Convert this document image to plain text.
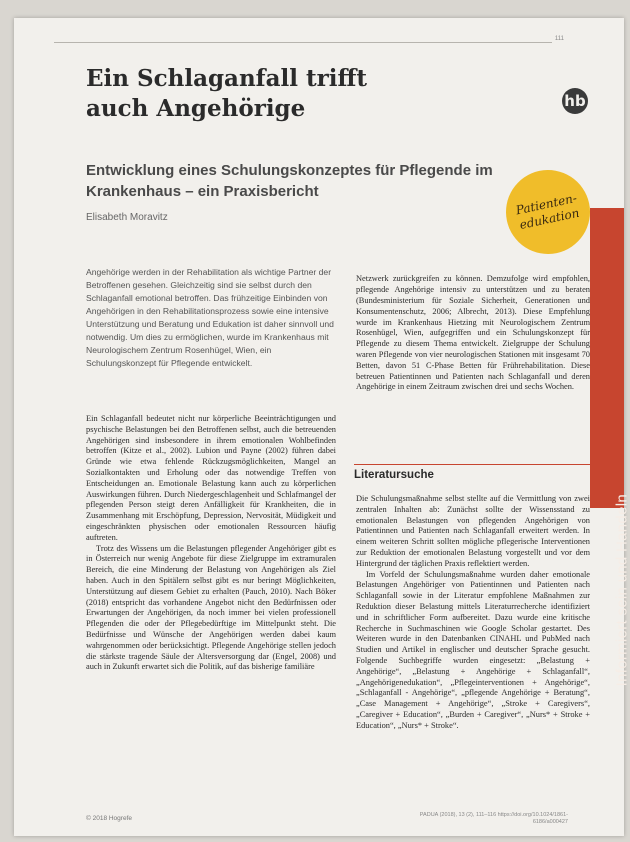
111
Ein Schlaganfall trifft auch Angehörige	hb
Entwicklung eines Schulungskonzeptes für Pflegende im Krankenhaus – ein Praxisbericht
Elisabeth Moravitz
Patienten-edukation
Informiert sein und Handeln

Angehörige werden in der Rehabilitation als wichtige Partner der Betroffenen gesehen. Gleichzeitig sind sie selbst durch den Schlaganfall emotional betroffen. Das frühzeitige Einbinden von Angehörigen in den Rehabilitationsprozess sowie eine intensive Unterstützung und Beratung und Edukation ist daher sinnvoll und notwendig. Um dies zu ermöglichen, wurde im Krankenhaus mit Neurologischem Zentrum Rosenhügel, Wien, ein Schulungskonzept für Pflegende entwickelt.

Ein Schlaganfall bedeutet nicht nur körperliche Beeinträchtigungen und psychische Belastungen bei den Betroffenen selbst, auch die betreuenden Angehörigen sind insbesondere in ihrem emotionalen Wohlbefinden betroffen (Kitze et al., 2002). Lubion und Payne (2002) führen dabei Gründe wie etwa fehlende Rückzugsmöglichkeiten, Mangel an Sozialkontakten und Erholung oder das notwendige Treffen von Entscheidungen an. Emotionale Belastung kann auch zu körperlichen Auswirkungen führen. Durch Niedergeschlagenheit und Schlafmangel der pflegenden Person steigt deren Anfälligkeit für Krankheiten, die in Zusammenhang mit Erschöpfung, Depression, Nervosität, Müdigkeit und eingeschränkten physischen oder emotionalen Ressourcen häufig auftreten.

Trotz des Wissens um die Belastungen pflegender Angehöriger gibt es in Österreich nur wenig Angebote für diese Zielgruppe im extramuralen Bereich, die eine Minderung der Belastung von Angehörigen als Ziel haben. Auch in den Spitälern selbst gibt es nur beringt Möglichkeiten, Unterstützung auf diesem Gebiet zu erhalten (Pauch, 2010). Nach Böker (2018) entspricht das vorhandene Angebot nicht den Bedürfnissen oder Erwartungen der Angehörigen, da noch immer bei vielen professionell Pflegenden die oder der Pflegebedürftige im Mittelpunkt steht. Die Bedürfnisse und Wünsche der Angehörigen werden dabei kaum wahrgenommen oder berücksichtigt. Pflegende Angehörige stellen jedoch die stärkste tragende Säule der Altersversorgung dar (Engel, 2008) und auch in Zukunft erwartet sich die Politik, auf das bisherige familiäre

Netzwerk zurückgreifen zu können. Demzufolge wird empfohlen, pflegende Angehörige intensiv zu unterstützen und zu beraten (Bundesministerium für Soziale Sicherheit, Generationen und Konsumentenschutz, 2006; Albrecht, 2013). Diese Empfehlung wurde im Krankenhaus Hietzing mit Neurologischem Zentrum Rosenhügel, Wien, aufgegriffen und ein Schulungskonzept für Pflegende zu diesem Thema entwickelt. Zielgruppe der Schulung waren Pflegende von vier neurologischen Stationen mit insgesamt 70 Betten, davon 51 C-Phase Betten für Frührehabilitation. Diese betreuen Patientinnen und Patienten nach Schlaganfall und deren Angehörige in einem Zeitraum zwischen drei und sechs Wochen.

Literatursuche

Die Schulungsmaßnahme selbst stellte auf die Vermittlung von zwei zentralen Inhalten ab: Zunächst sollte der Wissensstand zu emotionalen Belastungen von pflegenden Angehörigen von Patientinnen und Patienten nach Schlaganfall erweitert werden. In einem weiteren Schritt sollten mögliche pflegerische Interventionen zur Reduktion der emotionalen Belastung vorgestellt und vor dem Hintergrund der täglichen Praxis reflektiert werden.

Im Vorfeld der Schulungsmaßnahme wurden daher emotionale Belastungen Angehöriger von Patientinnen und Patienten nach Schlaganfall sowie in der Literatur empfohlene Maßnahmen zur Reduktion dieser Belastung mittels Literaturrecherche identifiziert und in schriftlicher Form aufbereitet. Dazu wurde eine kritische Recherche in Suchmaschinen wie Google Scholar gestartet. Des Weiteren wurde in den Datenbanken CINAHL und PubMed nach Studien und Artikel in englischer und deutscher Sprache gesucht. Folgende Suchbegriffe wurden eingesetzt: „Belastung + Angehörige“, „Belastung + Angehörige + Schlaganfall“, „Angehörigenedukation“, „Pflegeinterventionen + Angehörige“, „Schlaganfall - Angehörige“, „pflegende Angehörige + Beratung“, „Case Management + Angehörige“, „Stroke + Caregivers“, „Caregiver + Education“, „Burden + Caregiver“, „Nurs* + Stroke + Education“, „Nurs* + Stroke“.

© 2018 Hogrefe	PADUA (2018), 13 (2), 111–116 https://doi.org/10.1024/1861-6186/a000427
